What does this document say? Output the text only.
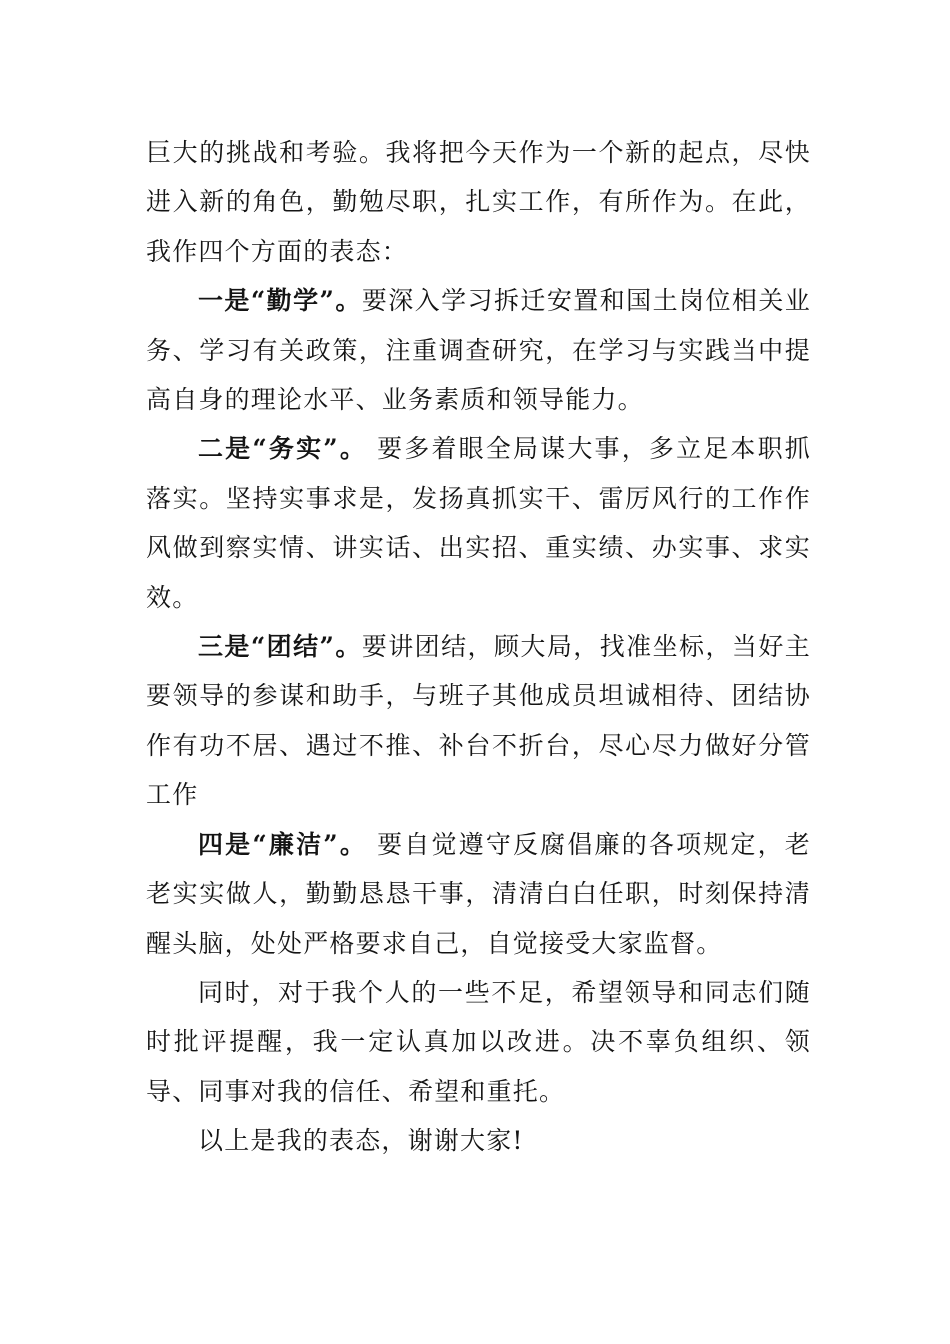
巨大的挑战和考验。我将把今天作为一个新的起点，尽快进入新的角色，勤勉尽职，扎实工作，有所作为。在此，我作四个方面的表态：

一是“勤学”。要深入学习拆迁安置和国土岗位相关业务、学习有关政策，注重调查研究，在学习与实践当中提高自身的理论水平、业务素质和领导能力。

二是“务实”。 要多着眼全局谋大事，多立足本职抓落实。坚持实事求是，发扬真抓实干、雷厉风行的工作作风做到察实情、讲实话、出实招、重实绩、办实事、求实效。

三是“团结”。要讲团结，顾大局，找准坐标，当好主要领导的参谋和助手，与班子其他成员坦诚相待、团结协作有功不居、遇过不推、补台不折台，尽心尽力做好分管工作

四是“廉洁”。 要自觉遵守反腐倡廉的各项规定，老老实实做人，勤勤恳恳干事，清清白白任职，时刻保持清醒头脑，处处严格要求自己，自觉接受大家监督。

同时，对于我个人的一些不足，希望领导和同志们随时批评提醒，我一定认真加以改进。决不辜负组织、领导、同事对我的信任、希望和重托。

以上是我的表态，谢谢大家!
